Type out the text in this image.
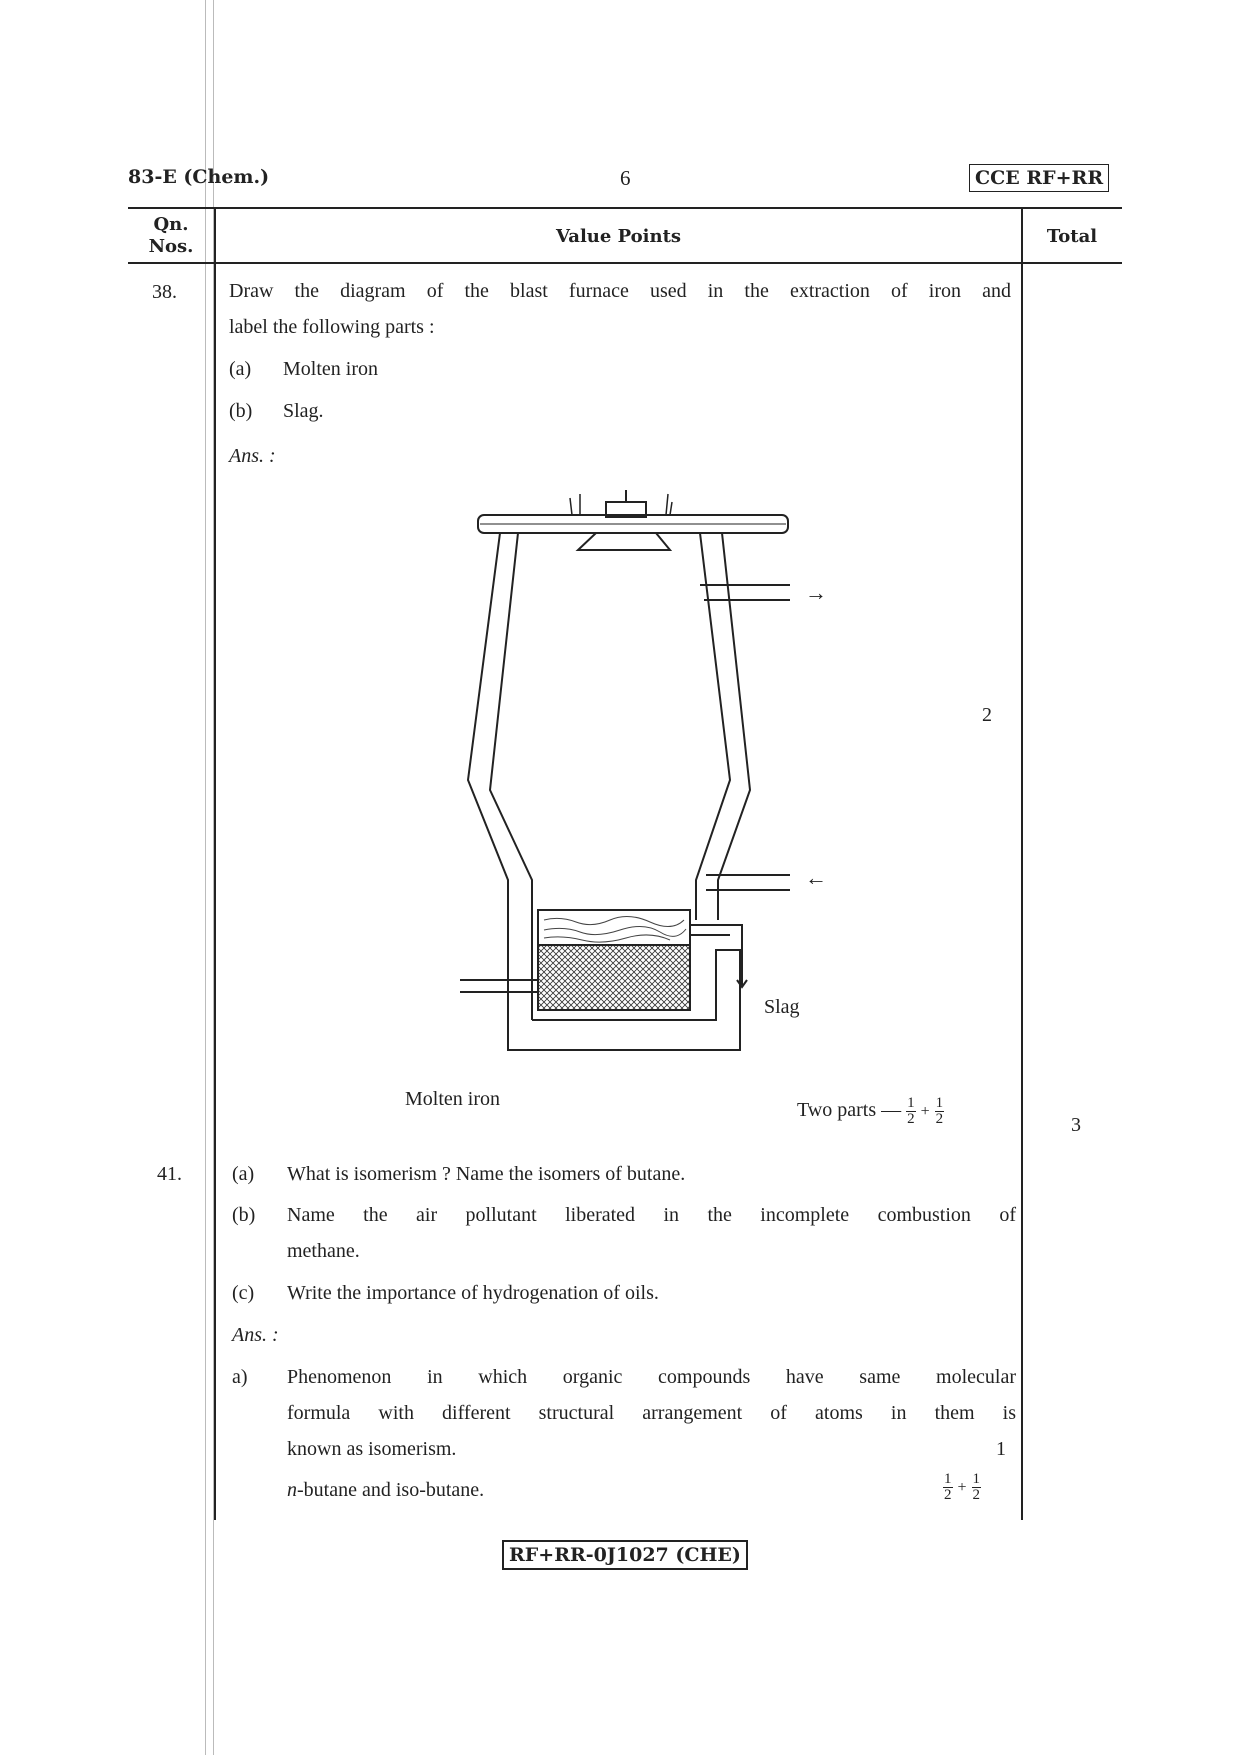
83-E (Chem.)	6	CCE RF+RR
Qn.
Nos.	Value Points	Total
38.	Draw the diagram of the blast furnace used in the extraction of iron and
label the following parts :
(a) Molten iron
(b) Slag.
Ans. :
→
←
Slag
Molten iron
2
Two parts — $\frac{1}{2} + \frac{1}{2}$	3
41.	(a) What is isomerism ? Name the isomers of butane.
(b) Name the air pollutant liberated in the incomplete combustion of
methane.
(c) Write the importance of hydrogenation of oils.
Ans. :
a) Phenomenon in which organic compounds have same molecular
formula with different structural arrangement of atoms in them is
known as isomerism.	1
n-butane and iso-butane.	$\frac{1}{2} + \frac{1}{2}$
RF+RR-0J1027 (CHE)
